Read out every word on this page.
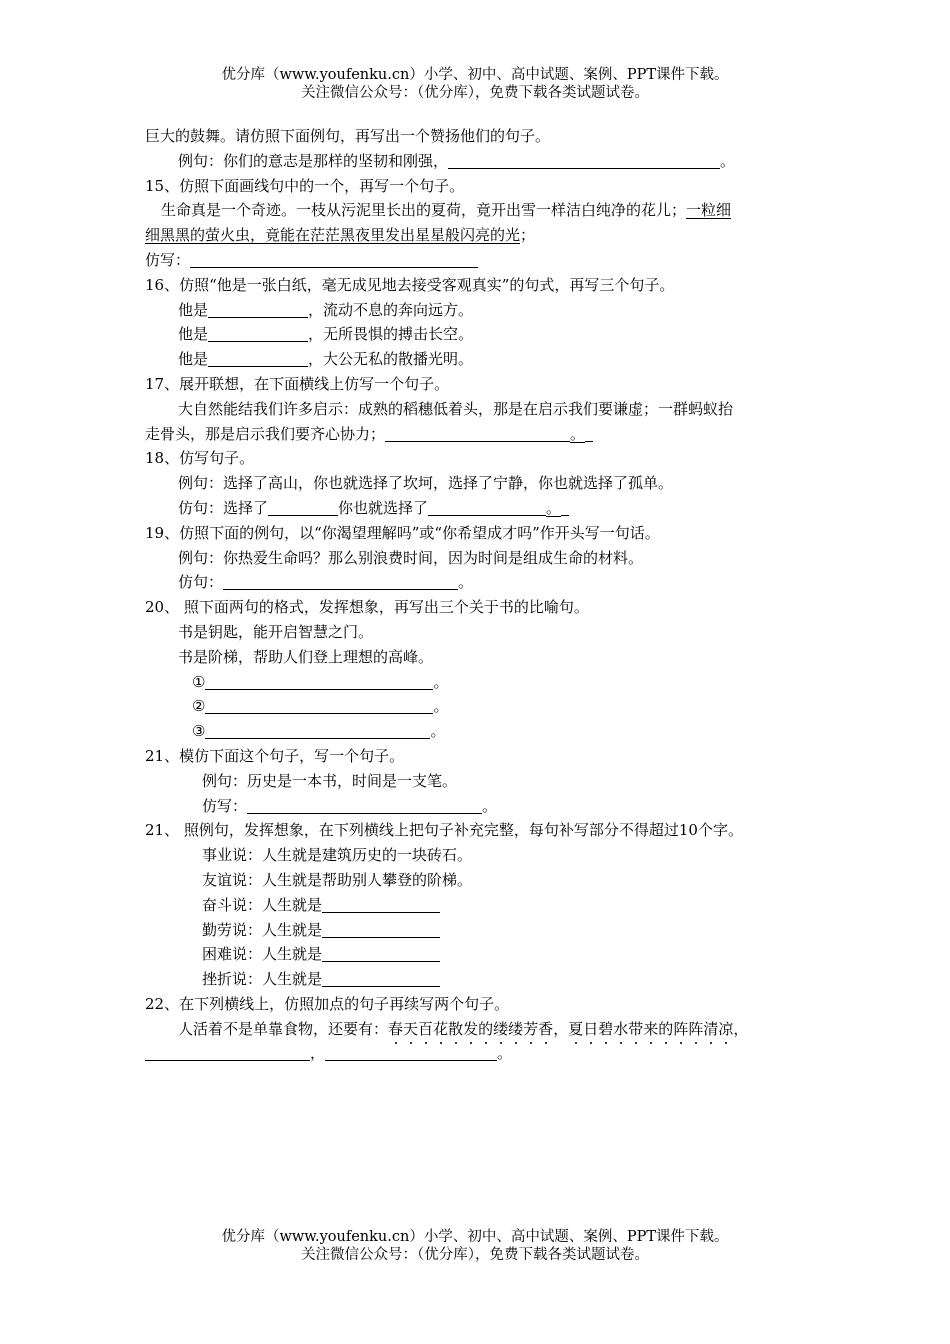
优分库（www.youfenku.cn）小学、初中、高中试题、案例、PPT课件下载。
关注微信公众号：（优分库），免费下载各类试题试卷。
巨大的鼓舞。请仿照下面例句，再写出一个赞扬他们的句子。
例句：你们的意志是那样的坚韧和刚强，	。
15、仿照下面画线句中的一个，再写一个句子。
生命真是一个奇迹。一枝从污泥里长出的夏荷，竟开出雪一样洁白纯净的花儿；一粒细
细黑黑的萤火虫，竟能在茫茫黑夜里发出星星般闪亮的光；
仿写：
16、仿照“他是一张白纸，毫无成见地去接受客观真实”的句式，再写三个句子。
他是	，流动不息的奔向远方。
他是	，无所畏惧的搏击长空。
他是	，大公无私的散播光明。
17、展开联想，在下面横线上仿写一个句子。
大自然能结我们许多启示：成熟的稻穗低着头，那是在启示我们要谦虚；一群蚂蚁抬
走骨头，那是启示我们要齐心协力；	。
18、仿写句子。
例句：选择了高山，你也就选择了坎坷，选择了宁静，你也就选择了孤单。
仿句：选择了	你也就选择了	。
19、仿照下面的例句，以“你渴望理解吗”或“你希望成才吗”作开头写一句话。
例句：你热爱生命吗？那么别浪费时间，因为时间是组成生命的材料。
仿句：	。
20、 照下面两句的格式，发挥想象，再写出三个关于书的比喻句。
书是钥匙，能开启智慧之门。
书是阶梯，帮助人们登上理想的高峰。
①	。
②	。
③	。
21、模仿下面这个句子，写一个句子。
例句：历史是一本书，时间是一支笔。
仿写：	。
21、 照例句，发挥想象，在下列横线上把句子补充完整，每句补写部分不得超过10个字。
事业说：人生就是建筑历史的一块砖石。
友谊说：人生就是帮助别人攀登的阶梯。
奋斗说：人生就是
勤劳说：人生就是
困难说：人生就是
挫折说：人生就是
22、在下列横线上，仿照加点的句子再续写两个句子。
人活着不是单靠食物，还要有：春天百花散发的缕缕芳香，夏日碧水带来的阵阵清凉，
，	。
优分库（www.youfenku.cn）小学、初中、高中试题、案例、PPT课件下载。
关注微信公众号：（优分库），免费下载各类试题试卷。
